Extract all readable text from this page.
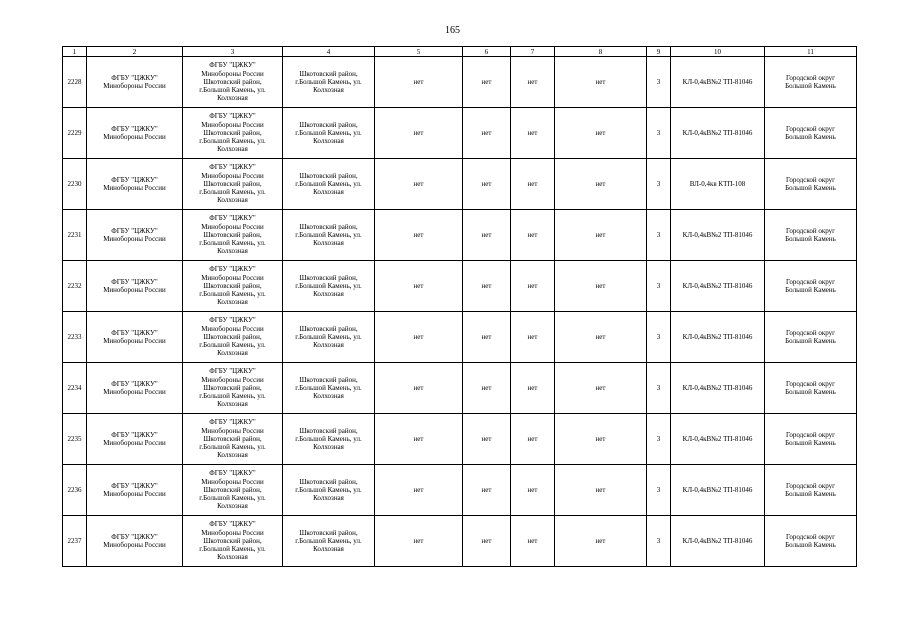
165
1	2	3	4	5	6	7	8	9	10	11
2228	ФГБУ "ЦЖКУ"
Минобороны России	ФГБУ "ЦЖКУ"
Минобороны России
Шкотовский район,
г.Большой Камень, ул.
Колхозная	Шкотовский район,
г.Большой Камень, ул.
Колхозная	нет	нет	нет	нет	3	КЛ-0,4кВ№2 ТП-81046	Городской округ
Большой Камень
2229	ФГБУ "ЦЖКУ"
Минобороны России	ФГБУ "ЦЖКУ"
Минобороны России
Шкотовский район,
г.Большой Камень, ул.
Колхозная	Шкотовский район,
г.Большой Камень, ул.
Колхозная	нет	нет	нет	нет	3	КЛ-0,4кВ№2 ТП-81046	Городской округ
Большой Камень
2230	ФГБУ "ЦЖКУ"
Минобороны России	ФГБУ "ЦЖКУ"
Минобороны России
Шкотовский район,
г.Большой Камень, ул.
Колхозная	Шкотовский район,
г.Большой Камень, ул.
Колхозная	нет	нет	нет	нет	3	ВЛ-0,4кв КТП-108	Городской округ
Большой Камень
2231	ФГБУ "ЦЖКУ"
Минобороны России	ФГБУ "ЦЖКУ"
Минобороны России
Шкотовский район,
г.Большой Камень, ул.
Колхозная	Шкотовский район,
г.Большой Камень, ул.
Колхозная	нет	нет	нет	нет	3	КЛ-0,4кВ№2 ТП-81046	Городской округ
Большой Камень
2232	ФГБУ "ЦЖКУ"
Минобороны России	ФГБУ "ЦЖКУ"
Минобороны России
Шкотовский район,
г.Большой Камень, ул.
Колхозная	Шкотовский район,
г.Большой Камень, ул.
Колхозная	нет	нет	нет	нет	3	КЛ-0,4кВ№2 ТП-81046	Городской округ
Большой Камень
2233	ФГБУ "ЦЖКУ"
Минобороны России	ФГБУ "ЦЖКУ"
Минобороны России
Шкотовский район,
г.Большой Камень, ул.
Колхозная	Шкотовский район,
г.Большой Камень, ул.
Колхозная	нет	нет	нет	нет	3	КЛ-0,4кВ№2 ТП-81046	Городской округ
Большой Камень
2234	ФГБУ "ЦЖКУ"
Минобороны России	ФГБУ "ЦЖКУ"
Минобороны России
Шкотовский район,
г.Большой Камень, ул.
Колхозная	Шкотовский район,
г.Большой Камень, ул.
Колхозная	нет	нет	нет	нет	3	КЛ-0,4кВ№2 ТП-81046	Городской округ
Большой Камень
2235	ФГБУ "ЦЖКУ"
Минобороны России	ФГБУ "ЦЖКУ"
Минобороны России
Шкотовский район,
г.Большой Камень, ул.
Колхозная	Шкотовский район,
г.Большой Камень, ул.
Колхозная	нет	нет	нет	нет	3	КЛ-0,4кВ№2 ТП-81046	Городской округ
Большой Камень
2236	ФГБУ "ЦЖКУ"
Минобороны России	ФГБУ "ЦЖКУ"
Минобороны России
Шкотовский район,
г.Большой Камень, ул.
Колхозная	Шкотовский район,
г.Большой Камень, ул.
Колхозная	нет	нет	нет	нет	3	КЛ-0,4кВ№2 ТП-81046	Городской округ
Большой Камень
2237	ФГБУ "ЦЖКУ"
Минобороны России	ФГБУ "ЦЖКУ"
Минобороны России
Шкотовский район,
г.Большой Камень, ул.
Колхозная	Шкотовский район,
г.Большой Камень, ул.
Колхозная	нет	нет	нет	нет	3	КЛ-0,4кВ№2 ТП-81046	Городской округ
Большой Камень
